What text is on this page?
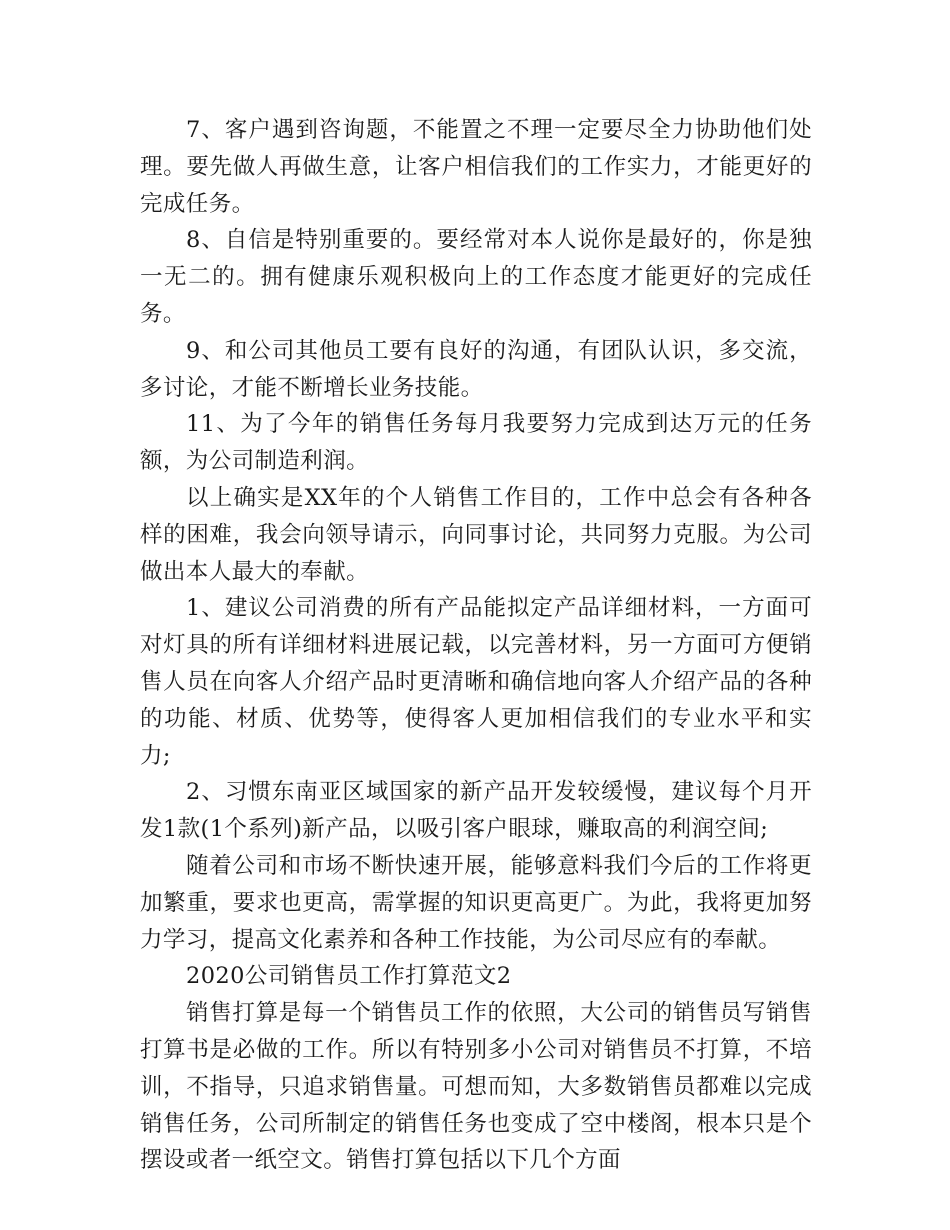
7、客户遇到咨询题，不能置之不理一定要尽全力协助他们处理。要先做人再做生意，让客户相信我们的工作实力，才能更好的完成任务。

8、自信是特别重要的。要经常对本人说你是最好的，你是独一无二的。拥有健康乐观积极向上的工作态度才能更好的完成任务。

9、和公司其他员工要有良好的沟通，有团队认识，多交流，多讨论，才能不断增长业务技能。

11、为了今年的销售任务每月我要努力完成到达万元的任务额，为公司制造利润。

以上确实是XX年的个人销售工作目的，工作中总会有各种各样的困难，我会向领导请示，向同事讨论，共同努力克服。为公司做出本人最大的奉献。

1、建议公司消费的所有产品能拟定产品详细材料，一方面可对灯具的所有详细材料进展记载，以完善材料，另一方面可方便销售人员在向客人介绍产品时更清晰和确信地向客人介绍产品的各种的功能、材质、优势等，使得客人更加相信我们的专业水平和实力;

2、习惯东南亚区域国家的新产品开发较缓慢，建议每个月开发1款(1个系列)新产品，以吸引客户眼球，赚取高的利润空间;

随着公司和市场不断快速开展，能够意料我们今后的工作将更加繁重，要求也更高，需掌握的知识更高更广。为此，我将更加努力学习，提高文化素养和各种工作技能，为公司尽应有的奉献。

2020公司销售员工作打算范文2

销售打算是每一个销售员工作的依照，大公司的销售员写销售打算书是必做的工作。所以有特别多小公司对销售员不打算，不培训，不指导，只追求销售量。可想而知，大多数销售员都难以完成销售任务，公司所制定的销售任务也变成了空中楼阁，根本只是个摆设或者一纸空文。销售打算包括以下几个方面
